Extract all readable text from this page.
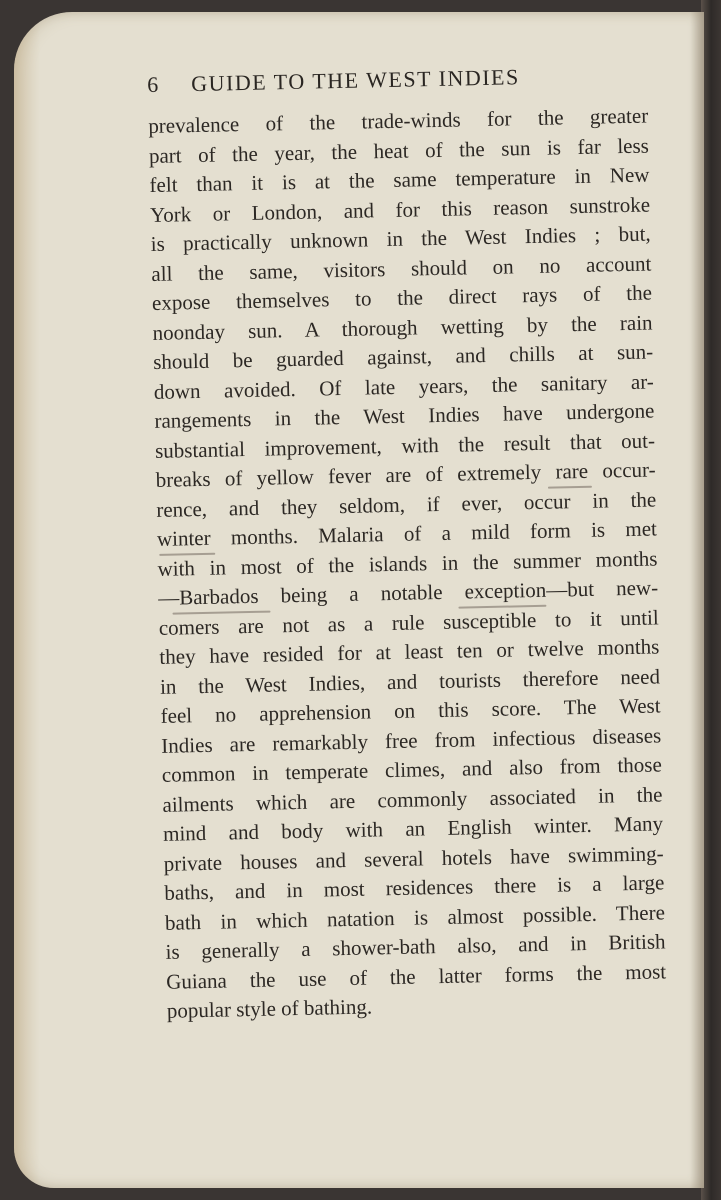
6 GUIDE TO THE WEST INDIES
prevalence of the trade-winds for the greater
part of the year, the heat of the sun is far less
felt than it is at the same temperature in New
York or London, and for this reason sunstroke
is practically unknown in the West Indies ; but,
all the same, visitors should on no account
expose themselves to the direct rays of the
noonday sun. A thorough wetting by the rain
should be guarded against, and chills at sun-
down avoided. Of late years, the sanitary ar-
rangements in the West Indies have undergone
substantial improvement, with the result that out-
breaks of yellow fever are of extremely rare occur-
rence, and they seldom, if ever, occur in the
winter months. Malaria of a mild form is met
with in most of the islands in the summer months
—Barbados being a notable exception—but new-
comers are not as a rule susceptible to it until
they have resided for at least ten or twelve months
in the West Indies, and tourists therefore need
feel no apprehension on this score. The West
Indies are remarkably free from infectious diseases
common in temperate climes, and also from those
ailments which are commonly associated in the
mind and body with an English winter. Many
private houses and several hotels have swimming-
baths, and in most residences there is a large
bath in which natation is almost possible. There
is generally a shower-bath also, and in British
Guiana the use of the latter forms the most
popular style of bathing.
